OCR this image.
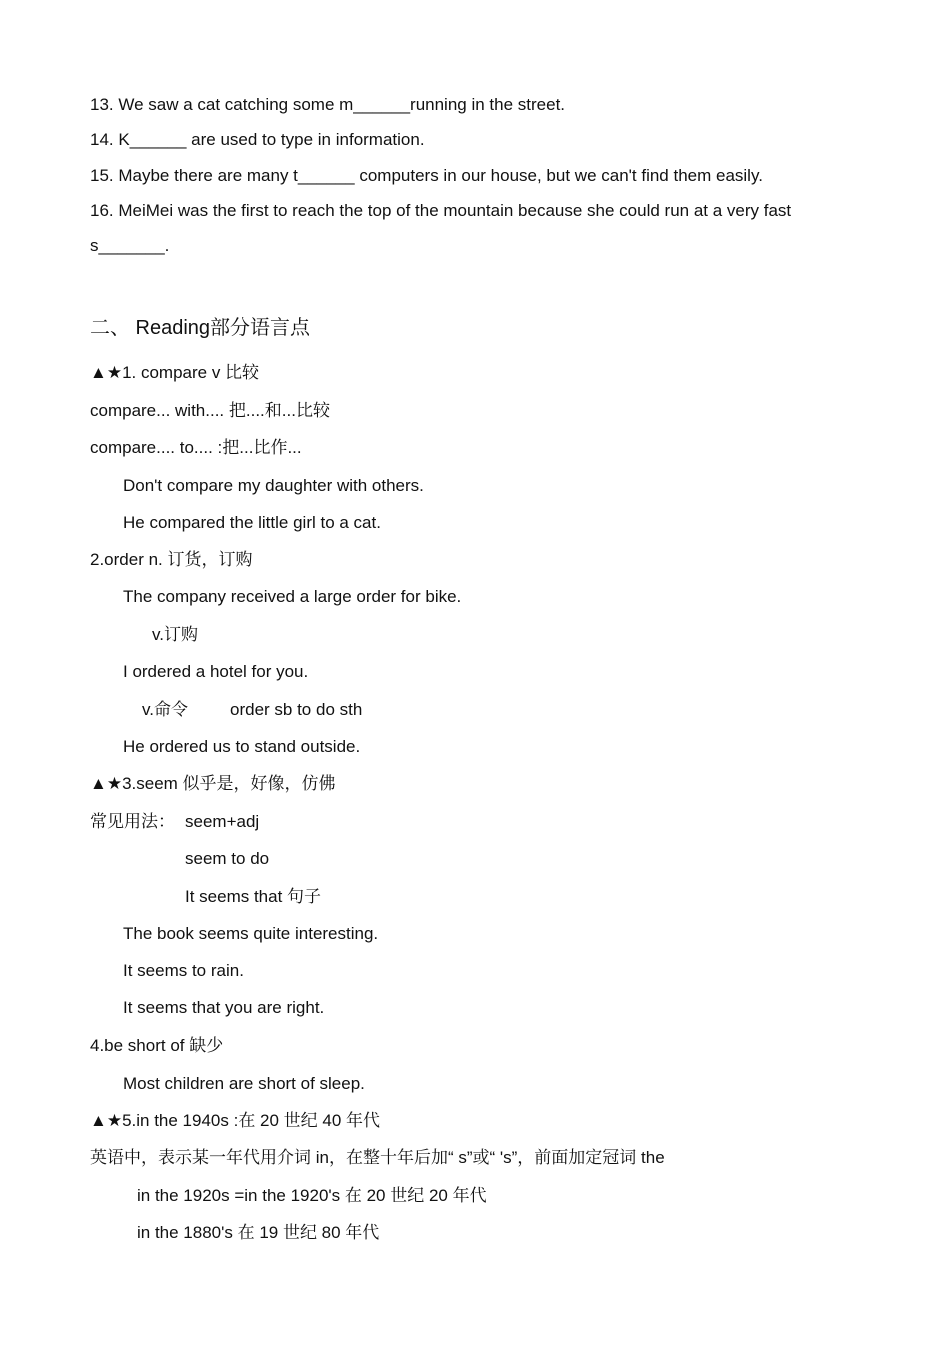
13. We saw a cat catching some m______running in the street.
14. K______ are used to type in information.
15. Maybe there are many t______ computers in our house, but we can't find them easily.
16. MeiMei was the first to reach the top of the mountain because she could run at a very fast
s_______.
二、 Reading部分语言点
▲★1. compare v 比较
compare... with.... 把....和...比较
compare.... to.... :把...比作...
Don't compare my daughter with others.
He compared the little girl to a cat.
2.order n. 订货，订购
The company received a large order for bike.
v.订购
I ordered a hotel for you.
v.命令 order sb to do sth
He ordered us to stand outside.
▲★3.seem 似乎是，好像，仿佛
常见用法： seem+adj
seem to do
It seems that 句子
The book seems quite interesting.
It seems to rain.
It seems that you are right.
4.be short of 缺少
Most children are short of sleep.
▲★5.in the 1940s :在 20 世纪 40 年代
英语中，表示某一年代用介词 in，在整十年后加“ s”或“ 's”，前面加定冠词 the
in the 1920s =in the 1920's 在 20 世纪 20 年代
in the 1880's 在 19 世纪 80 年代
